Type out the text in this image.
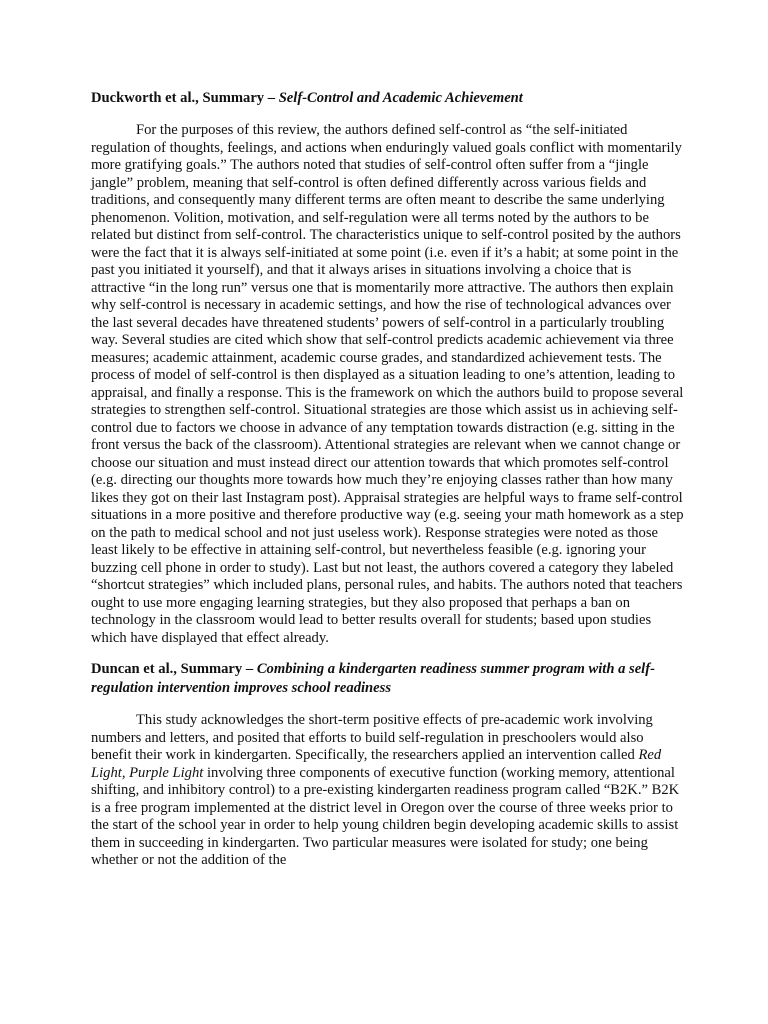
Duckworth et al., Summary – Self-Control and Academic Achievement

For the purposes of this review, the authors defined self-control as “the self-initiated regulation of thoughts, feelings, and actions when enduringly valued goals conflict with momentarily more gratifying goals.” The authors noted that studies of self-control often suffer from a “jingle jangle” problem, meaning that self-control is often defined differently across various fields and traditions, and consequently many different terms are often meant to describe the same underlying phenomenon. Volition, motivation, and self-regulation were all terms noted by the authors to be related but distinct from self-control. The characteristics unique to self-control posited by the authors were the fact that it is always self-initiated at some point (i.e. even if it’s a habit; at some point in the past you initiated it yourself), and that it always arises in situations involving a choice that is attractive “in the long run” versus one that is momentarily more attractive. The authors then explain why self-control is necessary in academic settings, and how the rise of technological advances over the last several decades have threatened students’ powers of self-control in a particularly troubling way. Several studies are cited which show that self-control predicts academic achievement via three measures; academic attainment, academic course grades, and standardized achievement tests. The process of model of self-control is then displayed as a situation leading to one’s attention, leading to appraisal, and finally a response. This is the framework on which the authors build to propose several strategies to strengthen self-control. Situational strategies are those which assist us in achieving self-control due to factors we choose in advance of any temptation towards distraction (e.g. sitting in the front versus the back of the classroom). Attentional strategies are relevant when we cannot change or choose our situation and must instead direct our attention towards that which promotes self-control (e.g. directing our thoughts more towards how much they’re enjoying classes rather than how many likes they got on their last Instagram post). Appraisal strategies are helpful ways to frame self-control situations in a more positive and therefore productive way (e.g. seeing your math homework as a step on the path to medical school and not just useless work). Response strategies were noted as those least likely to be effective in attaining self-control, but nevertheless feasible (e.g. ignoring your buzzing cell phone in order to study). Last but not least, the authors covered a category they labeled “shortcut strategies” which included plans, personal rules, and habits. The authors noted that teachers ought to use more engaging learning strategies, but they also proposed that perhaps a ban on technology in the classroom would lead to better results overall for students; based upon studies which have displayed that effect already.

Duncan et al., Summary – Combining a kindergarten readiness summer program with a self-regulation intervention improves school readiness

This study acknowledges the short-term positive effects of pre-academic work involving numbers and letters, and posited that efforts to build self-regulation in preschoolers would also benefit their work in kindergarten. Specifically, the researchers applied an intervention called Red Light, Purple Light involving three components of executive function (working memory, attentional shifting, and inhibitory control) to a pre-existing kindergarten readiness program called “B2K.” B2K is a free program implemented at the district level in Oregon over the course of three weeks prior to the start of the school year in order to help young children begin developing academic skills to assist them in succeeding in kindergarten. Two particular measures were isolated for study; one being whether or not the addition of the
